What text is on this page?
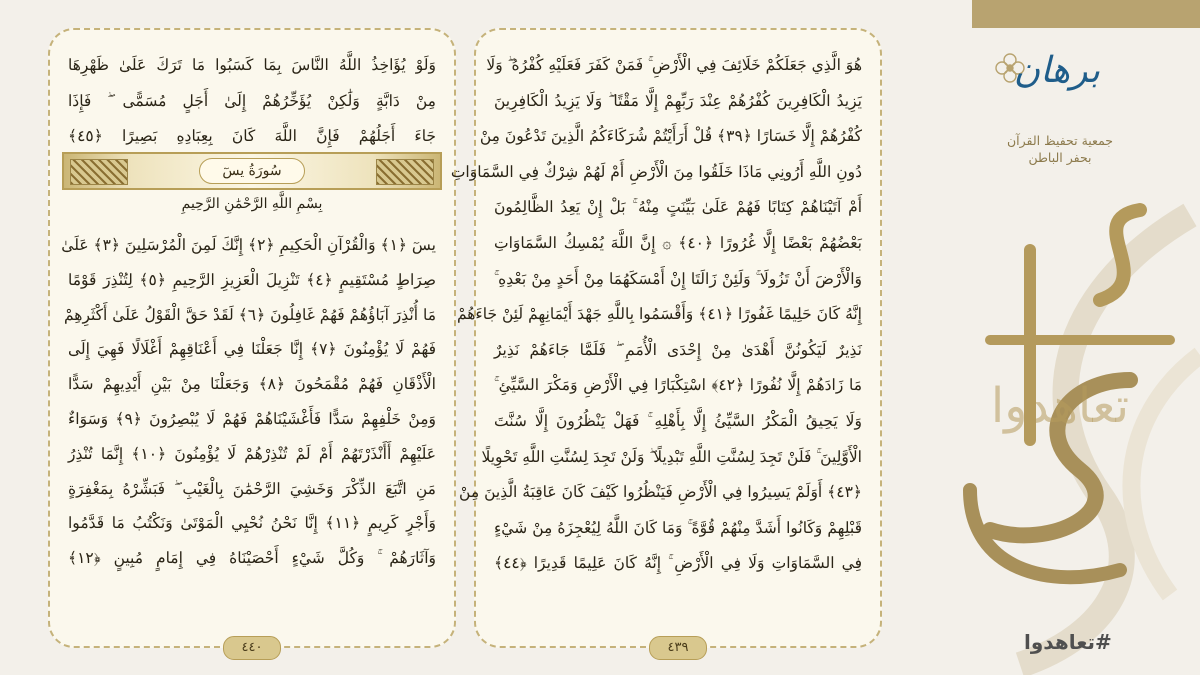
وَلَوْ يُؤَاخِذُ اللَّهُ النَّاسَ بِمَا كَسَبُوا مَا تَرَكَ عَلَىٰ ظَهْرِهَا
مِنْ دَابَّةٍ وَلَٰكِنْ يُؤَخِّرُهُمْ إِلَىٰ أَجَلٍ مُسَمًّى ۖ فَإِذَا
جَاءَ أَجَلُهُمْ فَإِنَّ اللَّهَ كَانَ بِعِبَادِهِ بَصِيرًا ﴿٤٥﴾
سُورَةُ يسٓ
بِسْمِ اللَّهِ الرَّحْمَٰنِ الرَّحِيمِ
يسٓ ﴿١﴾ وَالْقُرْآنِ الْحَكِيمِ ﴿٢﴾ إِنَّكَ لَمِنَ الْمُرْسَلِينَ ﴿٣﴾ عَلَىٰ
صِرَاطٍ مُسْتَقِيمٍ ﴿٤﴾ تَنْزِيلَ الْعَزِيزِ الرَّحِيمِ ﴿٥﴾ لِتُنْذِرَ قَوْمًا
مَا أُنْذِرَ آبَاؤُهُمْ فَهُمْ غَافِلُونَ ﴿٦﴾ لَقَدْ حَقَّ الْقَوْلُ عَلَىٰ أَكْثَرِهِمْ
فَهُمْ لَا يُؤْمِنُونَ ﴿٧﴾ إِنَّا جَعَلْنَا فِي أَعْنَاقِهِمْ أَغْلَالًا فَهِيَ إِلَى
الْأَذْقَانِ فَهُمْ مُقْمَحُونَ ﴿٨﴾ وَجَعَلْنَا مِنْ بَيْنِ أَيْدِيهِمْ سَدًّا
وَمِنْ خَلْفِهِمْ سَدًّا فَأَغْشَيْنَاهُمْ فَهُمْ لَا يُبْصِرُونَ ﴿٩﴾ وَسَوَاءٌ
عَلَيْهِمْ أَأَنْذَرْتَهُمْ أَمْ لَمْ تُنْذِرْهُمْ لَا يُؤْمِنُونَ ﴿١٠﴾ إِنَّمَا تُنْذِرُ
مَنِ اتَّبَعَ الذِّكْرَ وَخَشِيَ الرَّحْمَٰنَ بِالْغَيْبِ ۖ فَبَشِّرْهُ بِمَغْفِرَةٍ
وَأَجْرٍ كَرِيمٍ ﴿١١﴾ إِنَّا نَحْنُ نُحْيِي الْمَوْتَىٰ وَنَكْتُبُ مَا قَدَّمُوا
وَآثَارَهُمْ ۚ وَكُلَّ شَيْءٍ أَحْصَيْنَاهُ فِي إِمَامٍ مُبِينٍ ﴿١٢﴾
٤٤٠
هُوَ الَّذِي جَعَلَكُمْ خَلَائِفَ فِي الْأَرْضِ ۚ فَمَنْ كَفَرَ فَعَلَيْهِ كُفْرُهُ ۖ وَلَا
يَزِيدُ الْكَافِرِينَ كُفْرُهُمْ عِنْدَ رَبِّهِمْ إِلَّا مَقْتًا ۖ وَلَا يَزِيدُ الْكَافِرِينَ
كُفْرُهُمْ إِلَّا خَسَارًا ﴿٣٩﴾ قُلْ أَرَأَيْتُمْ شُرَكَاءَكُمُ الَّذِينَ تَدْعُونَ مِنْ
دُونِ اللَّهِ أَرُونِي مَاذَا خَلَقُوا مِنَ الْأَرْضِ أَمْ لَهُمْ شِرْكٌ فِي السَّمَاوَاتِ
أَمْ آتَيْنَاهُمْ كِتَابًا فَهُمْ عَلَىٰ بَيِّنَتٍ مِنْهُ ۚ بَلْ إِنْ يَعِدُ الظَّالِمُونَ
بَعْضُهُمْ بَعْضًا إِلَّا غُرُورًا ﴿٤٠﴾ ۞ إِنَّ اللَّهَ يُمْسِكُ السَّمَاوَاتِ
وَالْأَرْضَ أَنْ تَزُولَا ۚ وَلَئِنْ زَالَتَا إِنْ أَمْسَكَهُمَا مِنْ أَحَدٍ مِنْ بَعْدِهِ ۚ
إِنَّهُ كَانَ حَلِيمًا غَفُورًا ﴿٤١﴾ وَأَقْسَمُوا بِاللَّهِ جَهْدَ أَيْمَانِهِمْ لَئِنْ جَاءَهُمْ
نَذِيرٌ لَيَكُونُنَّ أَهْدَىٰ مِنْ إِحْدَى الْأُمَمِ ۖ فَلَمَّا جَاءَهُمْ نَذِيرٌ
مَا زَادَهُمْ إِلَّا نُفُورًا ﴿٤٢﴾ اسْتِكْبَارًا فِي الْأَرْضِ وَمَكْرَ السَّيِّئِ ۚ
وَلَا يَحِيقُ الْمَكْرُ السَّيِّئُ إِلَّا بِأَهْلِهِ ۚ فَهَلْ يَنْظُرُونَ إِلَّا سُنَّتَ
الْأَوَّلِينَ ۚ فَلَنْ تَجِدَ لِسُنَّتِ اللَّهِ تَبْدِيلًا ۖ وَلَنْ تَجِدَ لِسُنَّتِ اللَّهِ تَحْوِيلًا
﴿٤٣﴾ أَوَلَمْ يَسِيرُوا فِي الْأَرْضِ فَيَنْظُرُوا كَيْفَ كَانَ عَاقِبَةُ الَّذِينَ مِنْ
قَبْلِهِمْ وَكَانُوا أَشَدَّ مِنْهُمْ قُوَّةً ۚ وَمَا كَانَ اللَّهُ لِيُعْجِزَهُ مِنْ شَيْءٍ
فِي السَّمَاوَاتِ وَلَا فِي الْأَرْضِ ۚ إِنَّهُ كَانَ عَلِيمًا قَدِيرًا ﴿٤٤﴾
٤٣٩
برهان
جمعية تحفيظ القرآن
بحفر الباطن
تعاهدوا
#تعاهدوا
